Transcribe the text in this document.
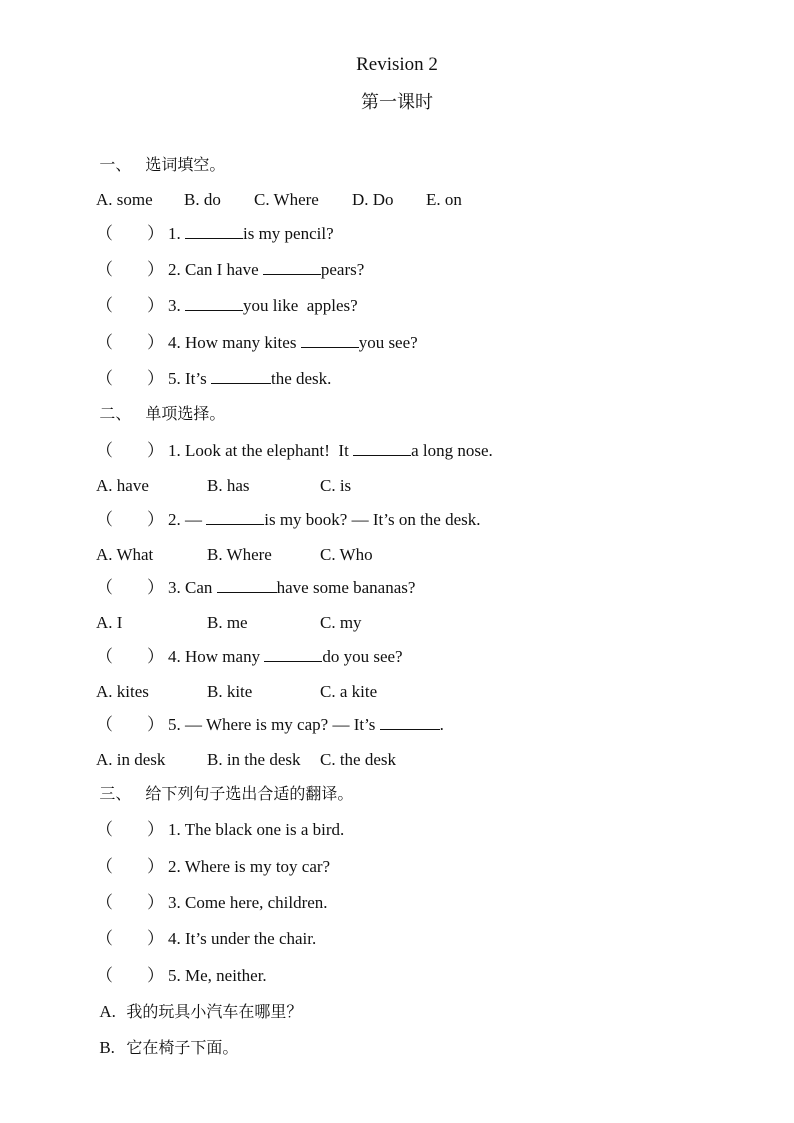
Revision 2
第一课时

一、 选词填空。

A. some B. do C. Where D. Do E. on

（　　） 1.	is my pencil?

（　　） 2. Can I have	pears?

（　　） 3.	you like  apples?

（　　） 4. How many kites	you see?

（　　） 5. It’s	the desk.

二、 单项选择。

（　　） 1. Look at the elephant!  It	a long nose.

A. have	B. has	C. is

（　　） 2. —	is my book? — It’s on the desk.

A. What	B. Where	C. Who

（　　） 3. Can	have some bananas?

A. I	B. me	C. my

（　　） 4. How many	do you see?

A. kites	B. kite	C. a kite

（　　） 5. — Where is my cap? — It’s	.

A. in desk B. in the desk C. the desk

三、 给下列句子选出合适的翻译。

（　　） 1. The black one is a bird.

（　　） 2. Where is my toy car?

（　　） 3. Come here, children.

（　　） 4. It’s under the chair.

（　　） 5. Me, neither.

A. 我的玩具小汽车在哪里？

B. 它在椅子下面。
